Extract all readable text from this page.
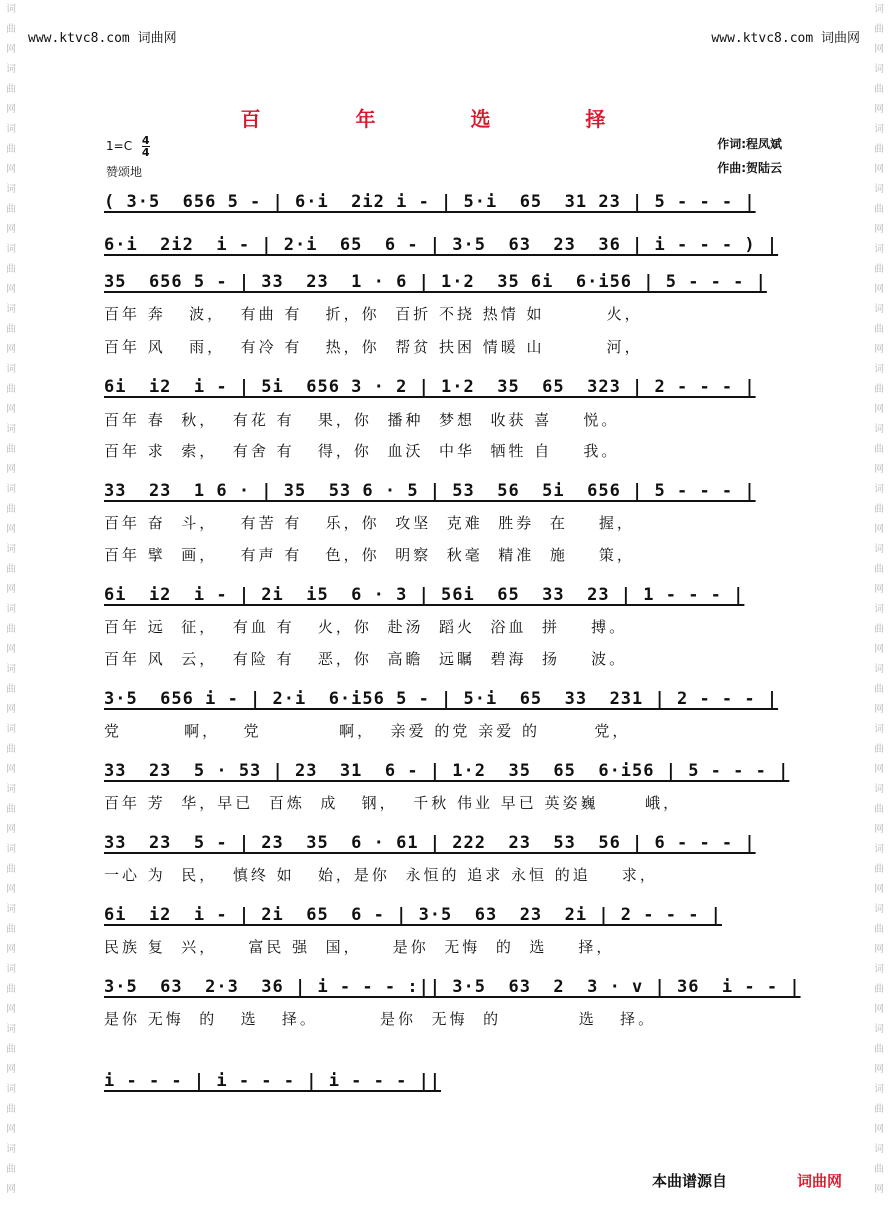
词
曲
网
词
曲
网
词
曲
网
词
曲
网
词
曲
网
词
曲
网
词
曲
网
词
曲
网
词
曲
网
词
曲
网
词
曲
网
词
曲
网
词
曲
网
词
曲
网
词
曲
网
词
曲
网
词
曲
网
词
曲
网
词
曲
网
词
曲
网
词
曲
网
词
曲
网
词
曲
网
词
曲
网
词
曲
网
词
曲
网
词
曲
网
词
曲
网
词
曲
网
词
曲
网
词
曲
网
词
曲
网
词
曲
网
词
曲
网
词
曲
网
词
曲
网
词
曲
网
词
曲
网
词
曲
网
词
曲
网
www.ktvc8.com 词曲网	www.ktvc8.com 词曲网
百 年 选 择
$1=C \frac{4}{4}$
赞颂地
作词:程凤斌
作曲:贺陆云
( 3·5  656 5 - | 6·i  2i2 i - | 5·i  65  31 23 | 5 - - - |
6·i  2i2  i - | 2·i  65  6 - | 3·5  63  23  36 | i - - - ) |
35  656 5 - | 33  23  1 · 6 | 1·2  35 6i  6·i56 | 5 - - - |
百年 奔   波，  有曲 有   折，你  百折 不挠 热情 如        火，
百年 风   雨，  有冷 有   热，你  帮贫 扶困 情暖 山        河，
6i  i2  i - | 5i  656 3 · 2 | 1·2  35  65  323 | 2 - - - |
百年 春  秋，  有花 有   果，你  播种  梦想  收获 喜    悦。
百年 求  索，  有舍 有   得，你  血沃  中华  牺牲 自    我。
33  23  1 6 · | 35  53 6 · 5 | 53  56  5i  656 | 5 - - - |
百年 奋  斗，   有苦 有   乐，你  攻坚  克难  胜券  在    握，
百年 擘  画，   有声 有   色，你  明察  秋毫  精准  施    策，
6i  i2  i - | 2i  i5  6 · 3 | 56i  65  33  23 | 1 - - - |
百年 远  征，  有血 有   火，你  赴汤  蹈火  浴血  拼    搏。
百年 风  云，  有险 有   恶，你  高瞻  远瞩  碧海  扬    波。
3·5  656 i - | 2·i  6·i56 5 - | 5·i  65  33  231 | 2 - - - |
党        啊，   党          啊，  亲爱 的党 亲爱 的       党，
33  23  5 · 53 | 23  31  6 - | 1·2  35  65  6·i56 | 5 - - - |
百年 芳  华，早已  百炼  成   钢，  千秋 伟业 早已 英姿巍      峨，
33  23  5 - | 23  35  6 · 61 | 222  23  53  56 | 6 - - - |
一心 为  民，  慎终 如   始，是你  永恒的 追求 永恒 的追    求，
6i  i2  i - | 2i  65  6 - | 3·5  63  23  2i | 2 - - - |
民族 复  兴，    富民 强  国，    是你  无悔  的  选    择，
3·5  63  2·3  36 | i - - - :|| 3·5  63  2  3 · v | 36  i - - |
是你 无悔  的   选   择。        是你  无悔  的          选   择。
i - - - | i - - - | i - - - ||
本曲谱源自	词曲网
